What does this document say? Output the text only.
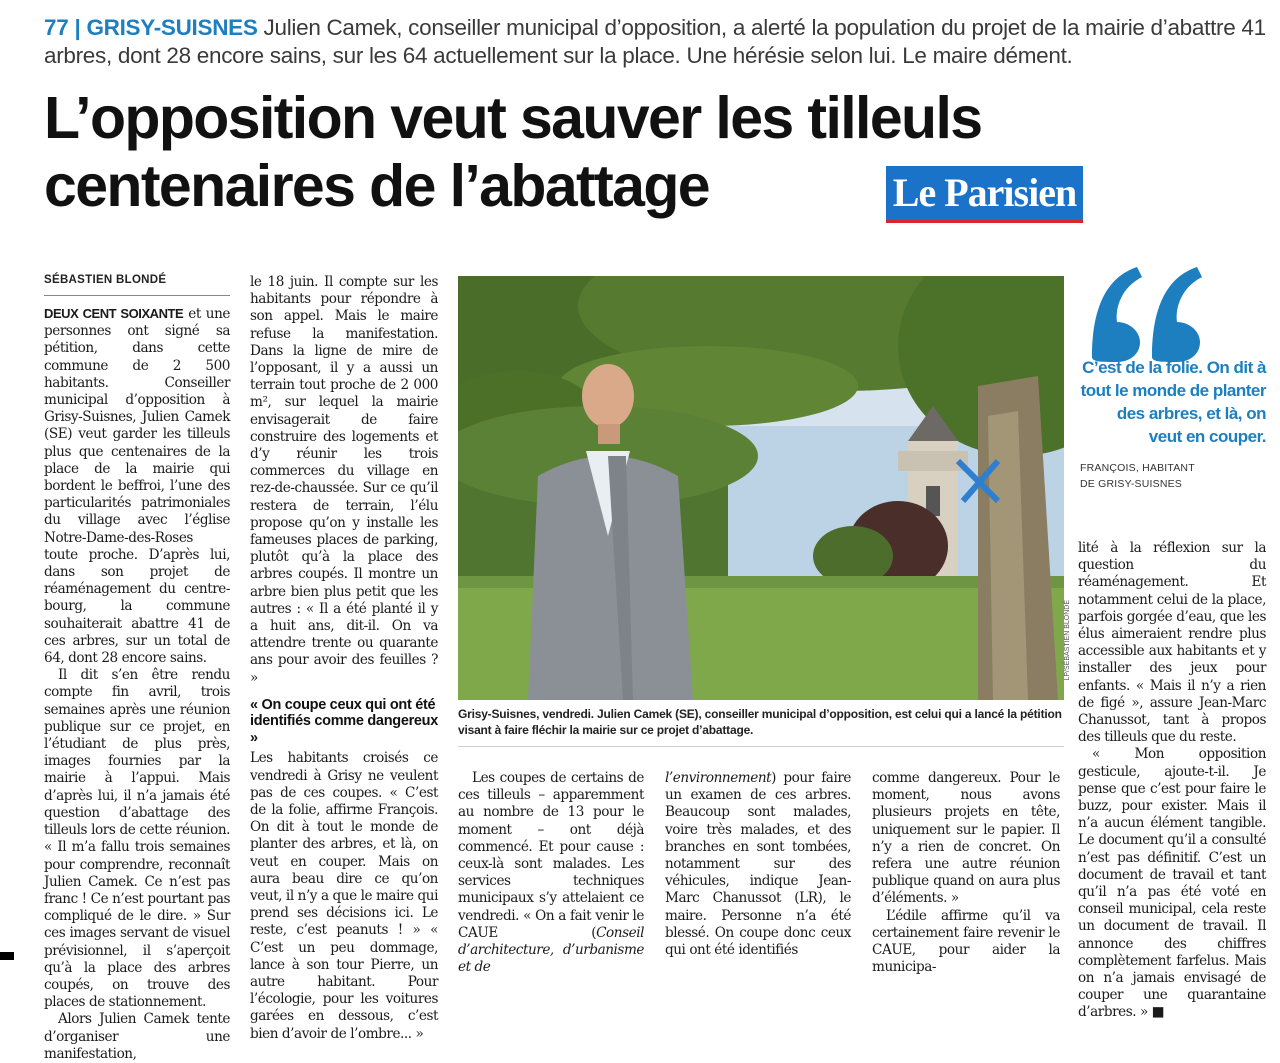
77 | GRISY-SUISNES Julien Camek, conseiller municipal d’opposition, a alerté la population du projet de la mairie d’abattre 41 arbres, dont 28 encore sains, sur les 64 actuellement sur la place. Une hérésie selon lui. Le maire dément.
L’opposition veut sauver les tilleuls
centenaires de l’abattage	Le Parisien
SÉBASTIEN BLONDÉ

DEUX CENT SOIXANTE et une personnes ont signé sa pétition, dans cette commune de 2 500 habitants. Conseiller municipal d’opposition à Grisy-Suisnes, Julien Camek (SE) veut garder les tilleuls plus que centenaires de la place de la mairie qui bordent le beffroi, l’une des particularités patrimoniales du village avec l’église Notre-Dame-des-Roses toute proche. D’après lui, dans son projet de réaménagement du centre-bourg, la commune souhaiterait abattre 41 de ces arbres, sur un total de 64, dont 28 encore sains.

Il dit s’en être rendu compte fin avril, trois semaines après une réunion publique sur ce projet, en l’étudiant de plus près, images fournies par la mairie à l’appui. Mais d’après lui, il n’a jamais été question d’abattage des tilleuls lors de cette réunion. « Il m’a fallu trois semaines pour comprendre, reconnaît Julien Camek. Ce n’est pas franc ! Ce n’est pourtant pas compliqué de le dire. » Sur ces images servant de visuel prévisionnel, il s’aperçoit qu’à la place des arbres coupés, on trouve des places de stationnement.

Alors Julien Camek tente d’organiser une manifestation,

le 18 juin. Il compte sur les habitants pour répondre à son appel. Mais le maire refuse la manifestation. Dans la ligne de mire de l’opposant, il y a aussi un terrain tout proche de 2 000 m², sur lequel la mairie envisagerait de faire construire des logements et d’y réunir les trois commerces du village en rez-de-chaussée. Sur ce qu’il restera de terrain, l’élu propose qu’on y installe les fameuses places de parking, plutôt qu’à la place des arbres coupés. Il montre un arbre bien plus petit que les autres : « Il a été planté il y a huit ans, dit-il. On va attendre trente ou quarante ans pour avoir des feuilles ? »

« On coupe ceux qui ont été identifiés comme dangereux »

Les habitants croisés ce vendredi à Grisy ne veulent pas de ces coupes. « C’est de la folie, affirme François. On dit à tout le monde de planter des arbres, et là, on veut en couper. Mais on aura beau dire ce qu’on veut, il n’y a que le maire qui prend ses décisions ici. Le reste, c’est peanuts ! » « C’est un peu dommage, lance à son tour Pierre, un autre habitant. Pour l’écologie, pour les voitures garées en dessous, c’est bien d’avoir de l’ombre... »

LP/SÉBASTIEN BLONDÉ
Grisy-Suisnes, vendredi. Julien Camek (SE), conseiller municipal d’opposition, est celui qui a lancé la pétition visant à faire fléchir la mairie sur ce projet d’abattage.

Les coupes de certains de ces tilleuls – apparemment au nombre de 13 pour le moment – ont déjà commencé. Et pour cause : ceux-là sont malades. Les services techniques municipaux s’y attelaient ce vendredi. « On a fait venir le CAUE (Conseil d’architecture, d’urbanisme et de

l’environnement) pour faire un examen de ces arbres. Beaucoup sont malades, voire très malades, et des branches en sont tombées, notamment sur des véhicules, indique Jean-Marc Chanussot (LR), le maire. Personne n’a été blessé. On coupe donc ceux qui ont été identifiés

comme dangereux. Pour le moment, nous avons plusieurs projets en tête, uniquement sur le papier. Il n’y a rien de concret. On refera une autre réunion publique quand on aura plus d’éléments. »

L’édile affirme qu’il va certainement faire revenir le CAUE, pour aider la municipa-

C’est de la folie. On dit à tout le monde de planter des arbres, et là, on veut en couper.
FRANÇOIS, HABITANT
DE GRISY-SUISNES

lité à la réflexion sur la question du réaménagement. Et notamment celui de la place, parfois gorgée d’eau, que les élus aimeraient rendre plus accessible aux habitants et y installer des jeux pour enfants. « Mais il n’y a rien de figé », assure Jean-Marc Chanussot, tant à propos des tilleuls que du reste.

« Mon opposition gesticule, ajoute-t-il. Je pense que c’est pour faire le buzz, pour exister. Mais il n’a aucun élément tangible. Le document qu’il a consulté n’est pas définitif. C’est un document de travail et tant qu’il n’a pas été voté en conseil municipal, cela reste un document de travail. Il annonce des chiffres complètement farfelus. Mais on n’a jamais envisagé de couper une quarantaine d’arbres. » ■
